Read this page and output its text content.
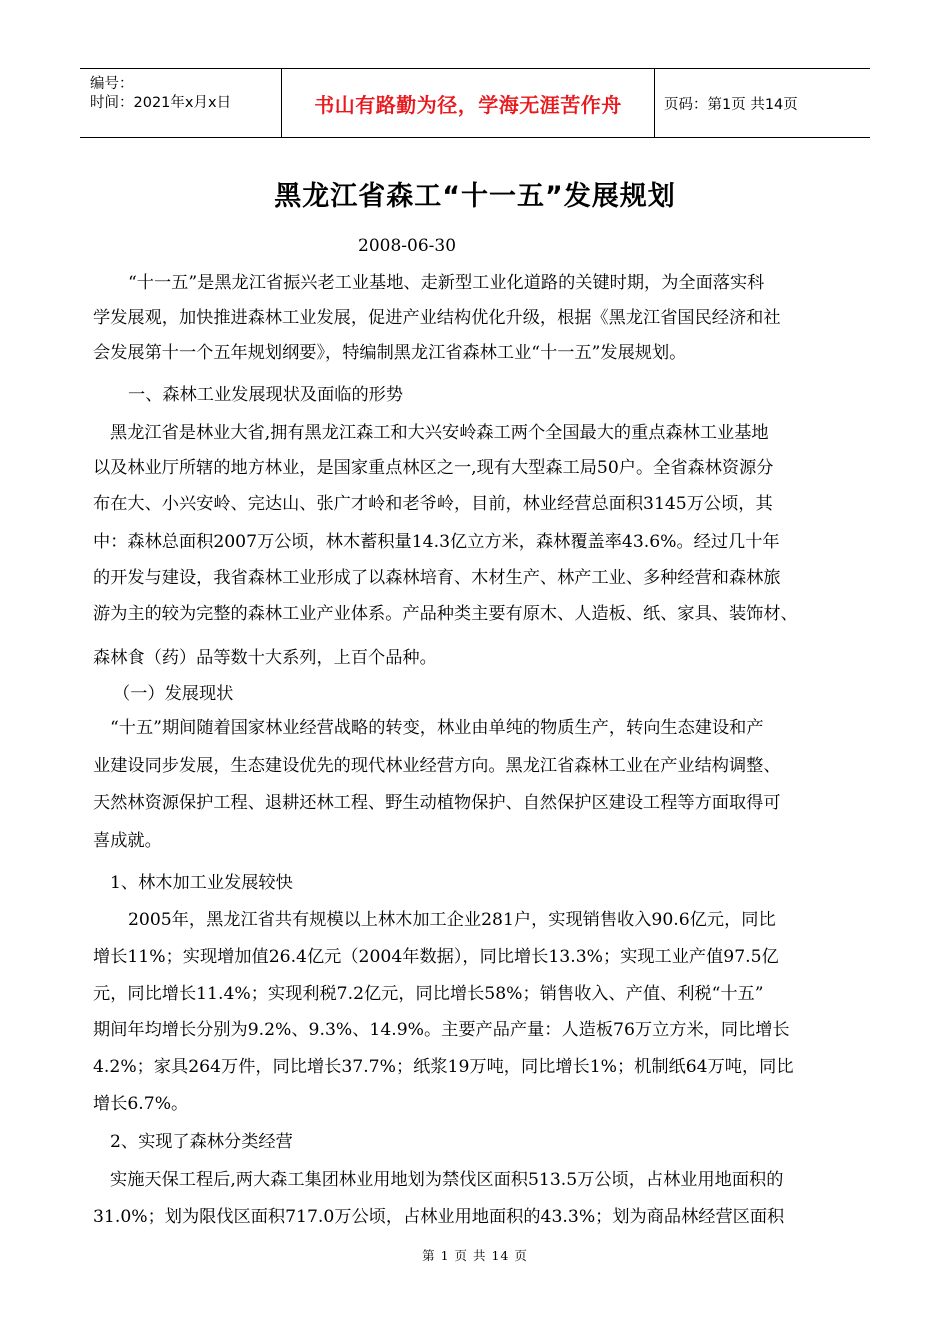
编号：
时间：2021年x月x日	书山有路勤为径，学海无涯苦作舟	页码：第1页 共14页
黑龙江省森工“十一五”发展规划
2008-06-30
“十一五”是黑龙江省振兴老工业基地、走新型工业化道路的关键时期，为全面落实科
学发展观，加快推进森林工业发展，促进产业结构优化升级，根据《黑龙江省国民经济和社
会发展第十一个五年规划纲要》，特编制黑龙江省森林工业“十一五”发展规划。
一、森林工业发展现状及面临的形势
黑龙江省是林业大省,拥有黑龙江森工和大兴安岭森工两个全国最大的重点森林工业基地
以及林业厅所辖的地方林业，是国家重点林区之一,现有大型森工局50户。全省森林资源分
布在大、小兴安岭、完达山、张广才岭和老爷岭，目前，林业经营总面积3145万公顷，其
中：森林总面积2007万公顷，林木蓄积量14.3亿立方米，森林覆盖率43.6%。经过几十年
的开发与建设，我省森林工业形成了以森林培育、木材生产、林产工业、多种经营和森林旅
游为主的较为完整的森林工业产业体系。产品种类主要有原木、人造板、纸、家具、装饰材、
森林食（药）品等数十大系列，上百个品种。
（一）发展现状
“十五”期间随着国家林业经营战略的转变，林业由单纯的物质生产，转向生态建设和产
业建设同步发展，生态建设优先的现代林业经营方向。黑龙江省森林工业在产业结构调整、
天然林资源保护工程、退耕还林工程、野生动植物保护、自然保护区建设工程等方面取得可
喜成就。
1、林木加工业发展较快
2005年，黑龙江省共有规模以上林木加工企业281户，实现销售收入90.6亿元，同比
增长11%；实现增加值26.4亿元（2004年数据），同比增长13.3%；实现工业产值97.5亿
元，同比增长11.4%；实现利税7.2亿元，同比增长58%；销售收入、产值、利税“十五”
期间年均增长分别为9.2%、9.3%、14.9%。主要产品产量：人造板76万立方米，同比增长
4.2%；家具264万件，同比增长37.7%；纸浆19万吨，同比增长1%；机制纸64万吨，同比
增长6.7%。
2、实现了森林分类经营
实施天保工程后,两大森工集团林业用地划为禁伐区面积513.5万公顷，占林业用地面积的
31.0%；划为限伐区面积717.0万公顷，占林业用地面积的43.3%；划为商品林经营区面积
第 1 页 共 14 页
